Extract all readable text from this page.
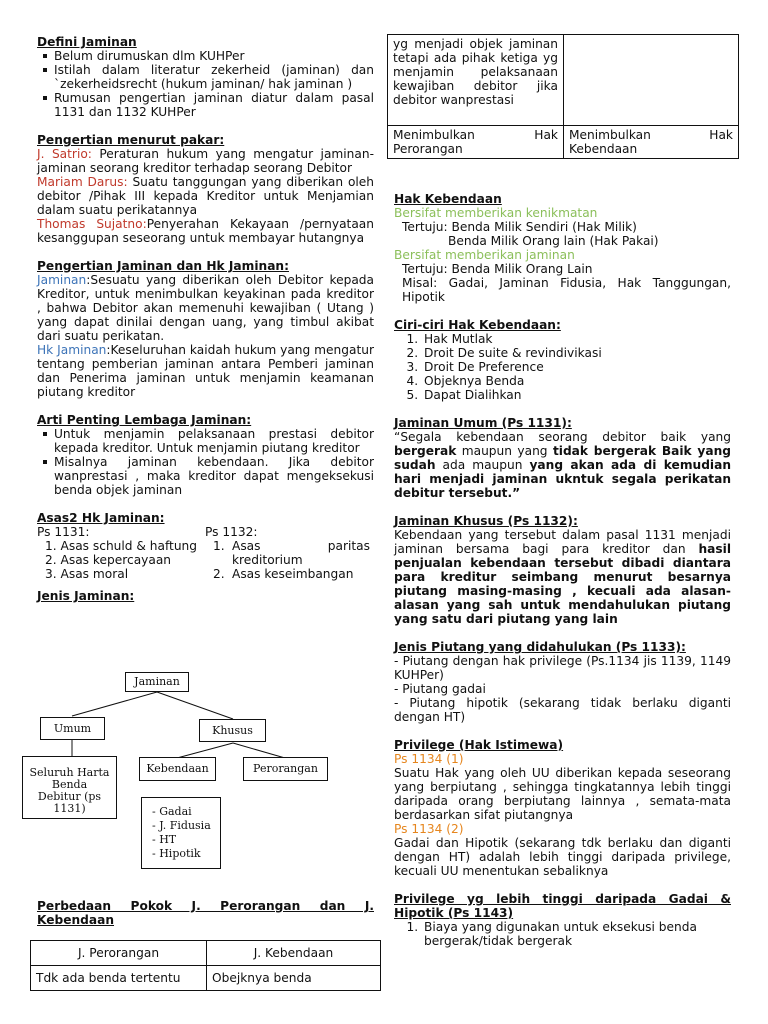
Defini Jaminan
Belum dirumuskan dlm KUHPer
Istilah dalam literatur zekerheid (jaminan) dan `zekerheidsrecht (hukum jaminan/ hak jaminan )
Rumusan pengertian jaminan diatur dalam pasal 1131 dan 1132 KUHPer
Pengertian menurut pakar:
J. Satrio: Peraturan hukum yang mengatur jaminan-jaminan seorang kreditor terhadap seorang Debitor
Mariam Darus: Suatu tanggungan yang diberikan oleh debitor /Pihak III kepada Kreditor untuk Menjamian dalam suatu perikatannya
Thomas Sujatno:Penyerahan Kekayaan /pernyataan kesanggupan seseorang untuk membayar hutangnya
Pengertian Jaminan dan Hk Jaminan:
Jaminan:Sesuatu yang diberikan oleh Debitor kepada Kreditor, untuk menimbulkan keyakinan pada kreditor , bahwa Debitor akan memenuhi kewajiban ( Utang ) yang dapat dinilai dengan uang, yang timbul akibat dari suatu perikatan.
Hk Jaminan:Keseluruhan kaidah hukum yang mengatur tentang pemberian jaminan antara Pemberi jaminan dan Penerima jaminan untuk menjamin keamanan piutang kreditor
Arti Penting Lembaga Jaminan:
Untuk menjamin pelaksanaan prestasi debitor kepada kreditor. Untuk menjamin piutang kreditor
Misalnya jaminan kebendaan. Jika debitor wanprestasi , maka kreditor dapat mengeksekusi benda objek jaminan
Asas2 Hk Jaminan:
Ps 1131:	Ps 1132:
1. Asas schuld & haftung
2. Asas kepercayaan
3. Asas moral
1. Asas paritas kreditorium
2. Asas keseimbangan
Jenis Jaminan:
Jaminan
Umum	Khusus
Seluruh Harta Benda Debitur (ps 1131)
Kebendaan	Perorangan
- Gadai
- J. Fidusia
- HT
- Hipotik
Perbedaan Pokok J. Perorangan dan J. Kebendaan
J. Perorangan	J. Kebendaan
Tdk ada benda tertentu	Obejknya benda
yg menjadi objek jaminan tetapi ada pihak ketiga yg menjamin pelaksanaan kewajiban debitor jika debitor wanprestasi	

Menimbulkan Hak Perorangan	Menimbulkan Hak Kebendaan
Hak Kebendaan
Bersifat memberikan kenikmatan
Tertuju: Benda Milik Sendiri (Hak Milik)
Benda Milik Orang lain (Hak Pakai)
Bersifat memberikan jaminan
Tertuju: Benda Milik Orang Lain
Misal: Gadai, Jaminan Fidusia, Hak Tanggungan, Hipotik
Ciri-ciri Hak Kebendaan:
1. Hak Mutlak
2. Droit De suite & revindivikasi
3. Droit De Preference
4. Objeknya Benda
5. Dapat Dialihkan
Jaminan Umum (Ps 1131):
“Segala kebendaan seorang debitor baik yang bergerak maupun yang tidak bergerak Baik yang sudah ada maupun yang akan ada di kemudian hari menjadi jaminan ukntuk segala perikatan debitur tersebut.”
Jaminan Khusus (Ps 1132):
Kebendaan yang tersebut dalam pasal 1131 menjadi jaminan bersama bagi para kreditor dan hasil penjualan kebendaan tersebut dibadi diantara para kreditur seimbang menurut besarnya piutang masing-masing , kecuali ada alasan-alasan yang sah untuk mendahulukan piutang yang satu dari piutang yang lain
Jenis Piutang yang didahulukan (Ps 1133):
- Piutang dengan hak privilege (Ps.1134 jis 1139, 1149 KUHPer)
- Piutang gadai
- Piutang hipotik (sekarang tidak berlaku diganti dengan HT)
Privilege (Hak Istimewa)
Ps 1134 (1)
Suatu Hak yang oleh UU diberikan kepada seseorang yang berpiutang , sehingga tingkatannya lebih tinggi daripada orang berpiutang lainnya , semata-mata berdasarkan sifat piutangnya
Ps 1134 (2)
Gadai dan Hipotik (sekarang tdk berlaku dan diganti dengan HT) adalah lebih tinggi daripada privilege, kecuali UU menentukan sebaliknya
Privilege yg lebih tinggi daripada Gadai & Hipotik (Ps 1143)
1. Biaya yang digunakan untuk eksekusi benda bergerak/tidak bergerak
